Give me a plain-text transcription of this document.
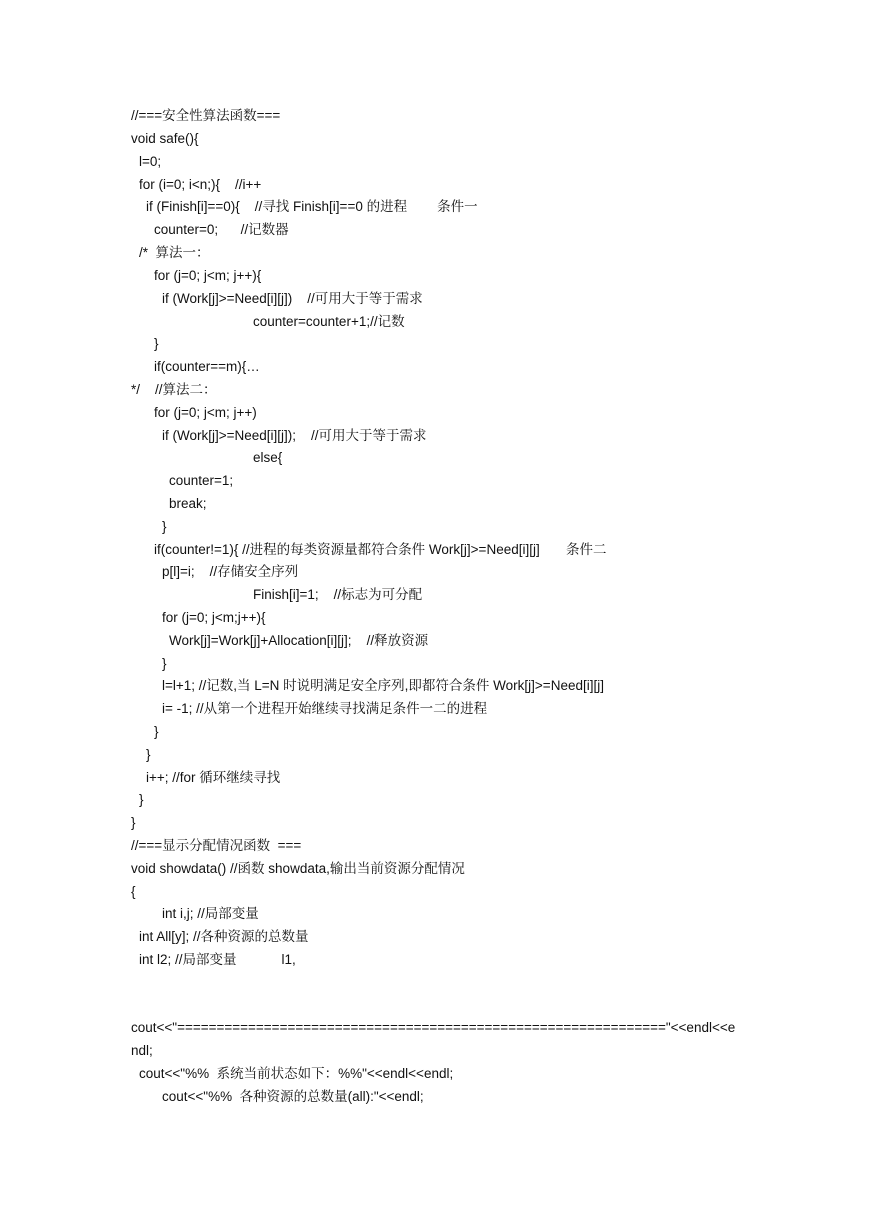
//===安全性算法函数===

void safe(){

l=0;

for (i=0; i<n;){    //i++

if (Finish[i]==0){    //寻找 Finish[i]==0 的进程        条件一

counter=0;      //记数器

/*  算法一：

for (j=0; j<m; j++){

if (Work[j]>=Need[i][j])    //可用大于等于需求

counter=counter+1;//记数

}

if(counter==m){…

*/    //算法二：

for (j=0; j<m; j++)

if (Work[j]>=Need[i][j]);    //可用大于等于需求

else{

counter=1;

break;

}

if(counter!=1){ //进程的每类资源量都符合条件 Work[j]>=Need[i][j]       条件二

p[l]=i;    //存储安全序列

Finish[i]=1;    //标志为可分配

for (j=0; j<m;j++){

Work[j]=Work[j]+Allocation[i][j];    //释放资源

}

l=l+1; //记数,当 L=N 时说明满足安全序列,即都符合条件 Work[j]>=Need[i][j]

i= -1; //从第一个进程开始继续寻找满足条件一二的进程

}

}

i++; //for 循环继续寻找

}

}

//===显示分配情况函数  ===

void showdata() //函数 showdata,输出当前资源分配情况

{

int i,j; //局部变量

int All[y]; //各种资源的总数量

int l2; //局部变量            l1,

cout<<"=============================================================="<<endl<<e

ndl;

cout<<"%%  系统当前状态如下：%%"<<endl<<endl;

cout<<"%%  各种资源的总数量(all):"<<endl;
